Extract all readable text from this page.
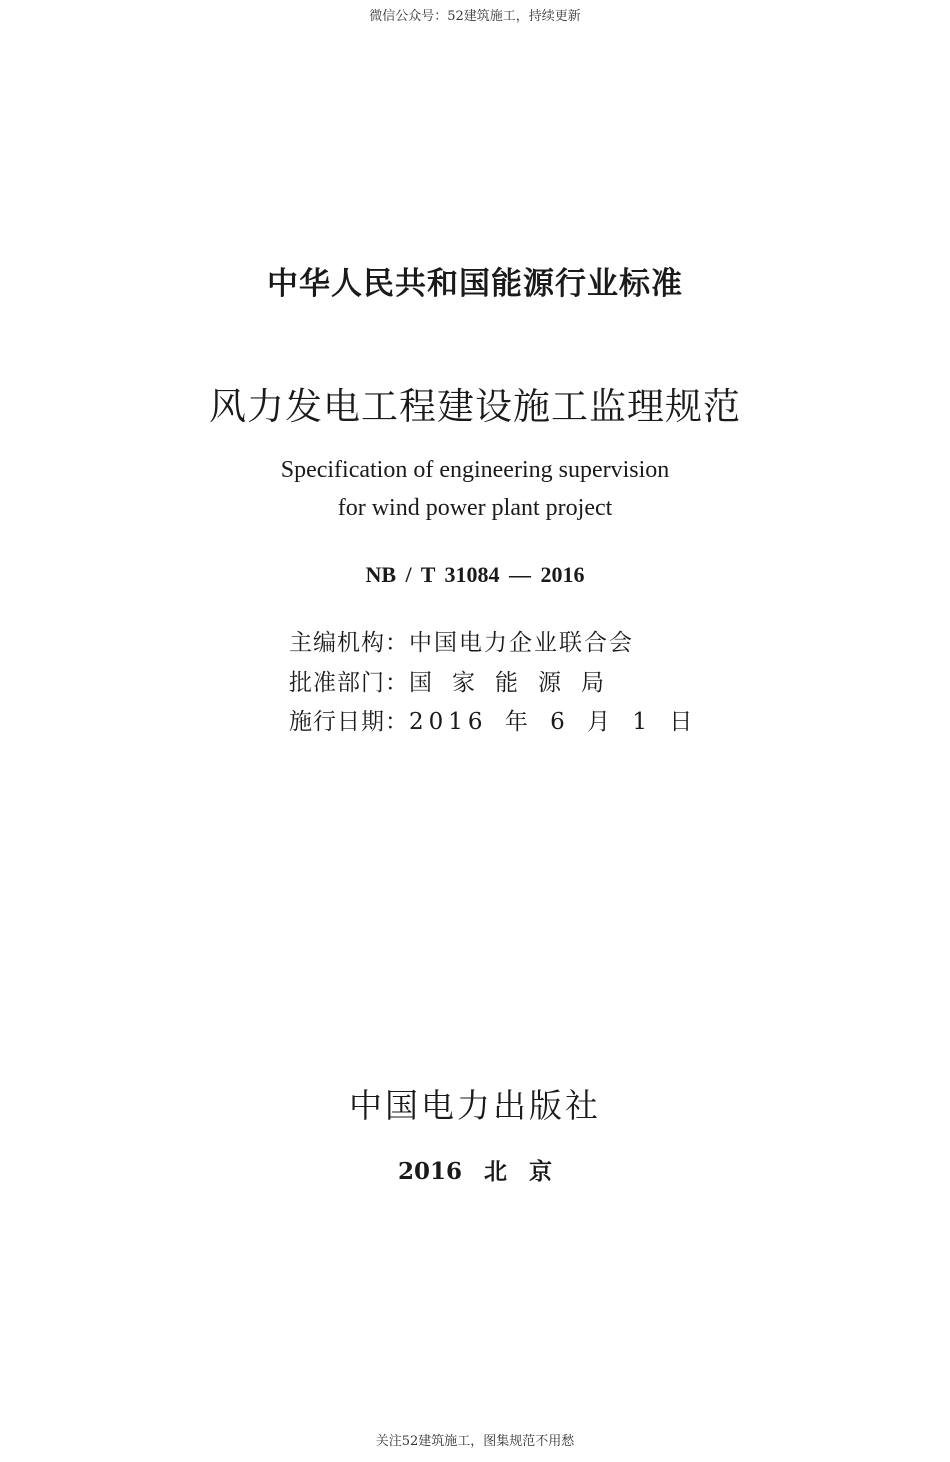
微信公众号：52建筑施工，持续更新
中华人民共和国能源行业标准
风力发电工程建设施工监理规范
Specification of engineering supervision
for wind power plant project
NB / T 31084 — 2016
主编机构：中国电力企业联合会
批准部门：国家能源局
施行日期：2016 年 6 月 1 日
中国电力出版社
2016 北 京
关注52建筑施工，图集规范不用愁
